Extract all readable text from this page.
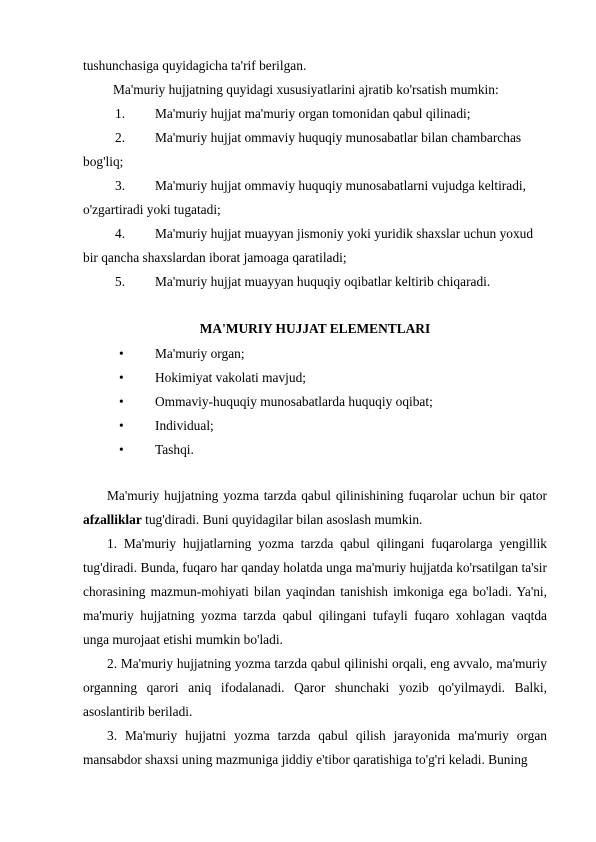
tushunchasiga quyidagicha ta'rif berilgan.

Ma'muriy hujjatning quyidagi xususiyatlarini ajratib ko'rsatish mumkin:

1.	Ma'muriy hujjat ma'muriy organ tomonidan qabul qilinadi;
2.	Ma'muriy hujjat ommaviy huquqiy munosabatlar bilan chambarchas

bog'liq;

3.	Ma'muriy hujjat ommaviy huquqiy munosabatlarni vujudga keltiradi,

o'zgartiradi yoki tugatadi;

4.	Ma'muriy hujjat muayyan jismoniy yoki yuridik shaxslar uchun yoxud

bir qancha shaxslardan iborat jamoaga qaratiladi;

5.	Ma'muriy hujjat muayyan huquqiy oqibatlar keltirib chiqaradi.

MA'MURIY HUJJAT ELEMENTLARI

•	Ma'muriy organ;
•	Hokimiyat vakolati mavjud;
•	Ommaviy-huquqiy munosabatlarda huquqiy oqibat;
•	Individual;
•	Tashqi.

Ma'muriy hujjatning yozma tarzda qabul qilinishining fuqarolar uchun bir qator afzalliklar tug'diradi. Buni quyidagilar bilan asoslash mumkin.

1. Ma'muriy hujjatlarning yozma tarzda qabul qilingani fuqarolarga yengillik tug'diradi. Bunda, fuqaro har qanday holatda unga ma'muriy hujjatda ko'rsatilgan ta'sir chorasining mazmun-mohiyati bilan yaqindan tanishish imkoniga ega bo'ladi. Ya'ni, ma'muriy hujjatning yozma tarzda qabul qilingani tufayli fuqaro xohlagan vaqtda unga murojaat etishi mumkin bo'ladi.

2. Ma'muriy hujjatning yozma tarzda qabul qilinishi orqali, eng avvalo, ma'muriy organning qarori aniq ifodalanadi. Qaror shunchaki yozib qo'yilmaydi. Balki, asoslantirib beriladi.

3. Ma'muriy hujjatni yozma tarzda qabul qilish jarayonida ma'muriy organ mansabdor shaxsi uning mazmuniga jiddiy e'tibor qaratishiga to'g'ri keladi. Buning
